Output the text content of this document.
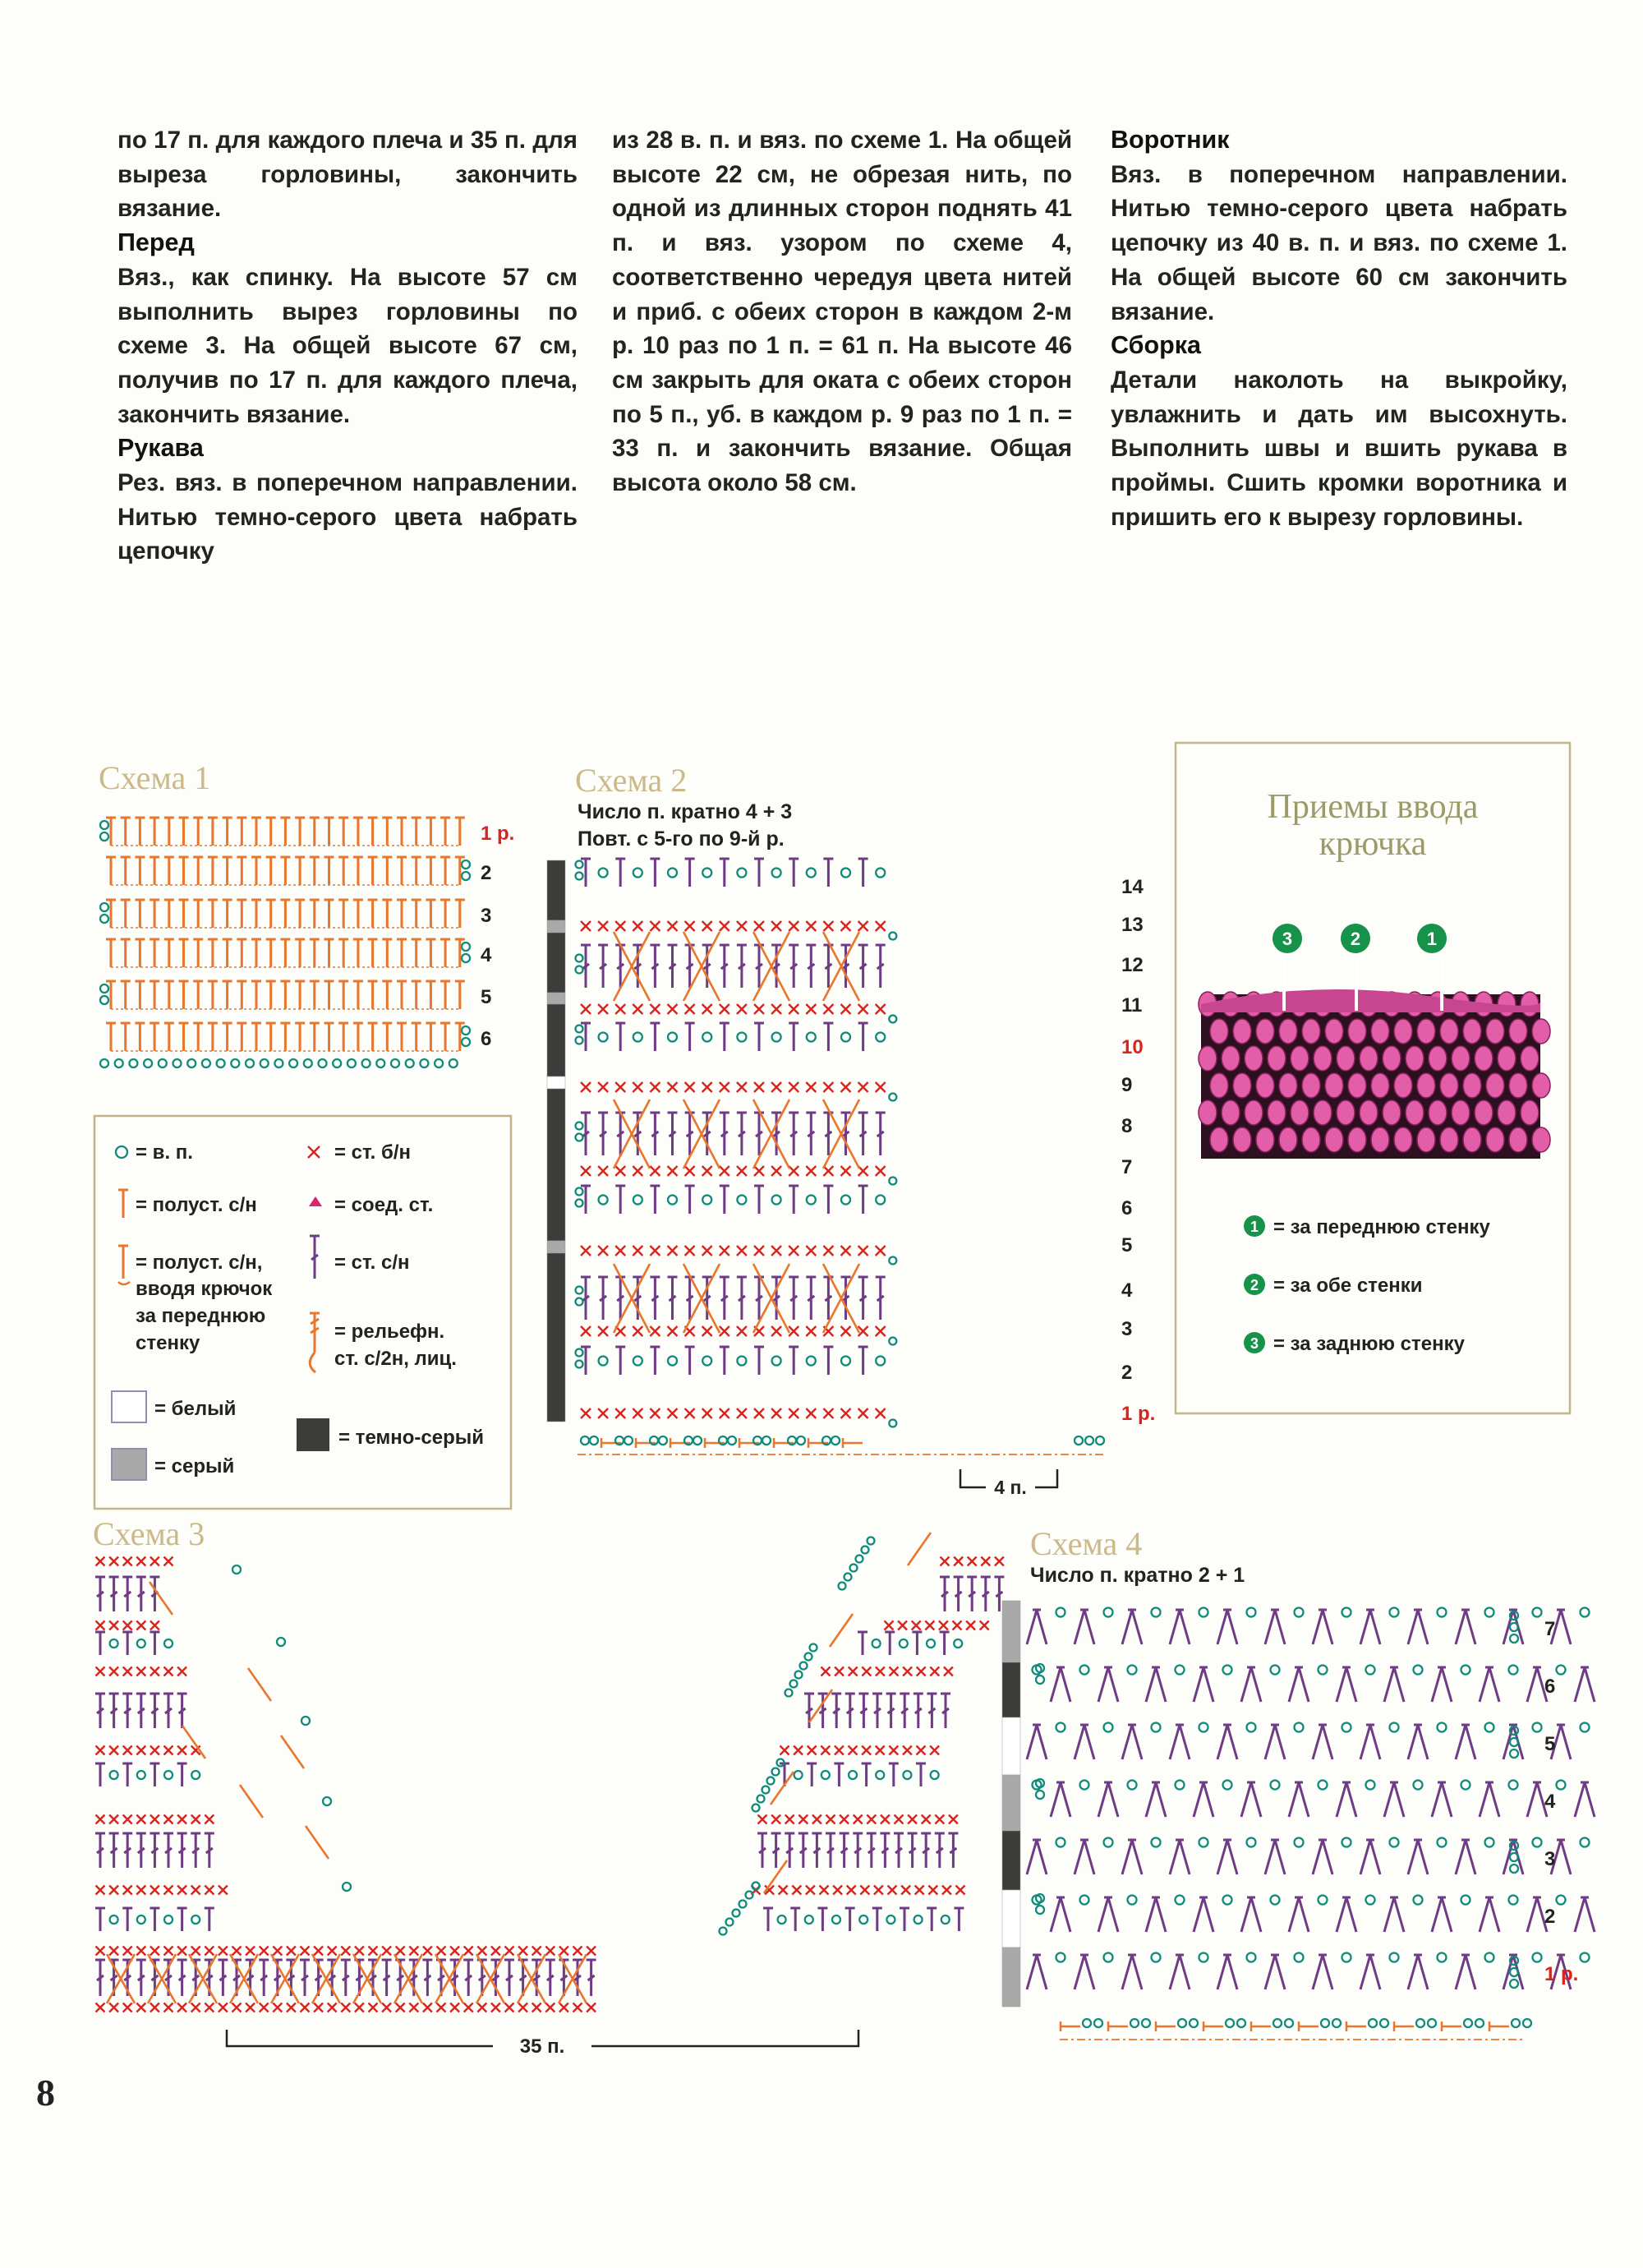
по 17 п. для каждого плеча и 35 п. для выреза горловины, закончить вязание.

Перед

Вяз., как спинку. На высоте 57 см выполнить вырез горловины по схеме 3. На общей высоте 67 см, получив по 17 п. для каждого плеча, закончить вязание.

Рукава

Рез. вяз. в поперечном направлении. Нитью темно-серого цвета набрать цепочку

из 28 в. п. и вяз. по схеме 1. На общей высоте 22 см, не обрезая нить, по одной из длинных сторон поднять 41 п. и вяз. узором по схеме 4, соответственно чередуя цвета нитей и приб. с обеих сторон в каждом 2-м р. 10 раз по 1 п. = 61 п. На высоте 46 см закрыть для оката с обеих сторон по 5 п., уб. в каждом р. 9 раз по 1 п. = 33 п. и закончить вязание. Общая высота около 58 см.

Воротник

Вяз. в поперечном направлении. Нитью темно-серого цвета набрать цепочку из 40 в. п. и вяз. по схеме 1. На общей высоте 60 см закончить вязание.

Сборка

Детали наколоть на выкройку, увлажнить и дать им высохнуть. Выполнить швы и вшить рукава в проймы. Сшить кромки воротника и пришить его к вырезу горловины.

Схема 1
6
5
4
3
2
1 р.
= в. п.	= ст. б/н
= полуст. с/н	= соед. ст.
= полуст. с/н,
вводя крючок
за переднюю
стенку
= ст. с/н
= рельефн.
ст. с/2н, лиц.
= белый
= темно-серый
= серый
Схема 2
Число п. кратно 4 + 3
Повт. с 5-го по 9-й р.
4 п.
14
13
12
11
10
9
8
7
6
5
4
3
2
1 р.
Приемы ввода
крючка
3	2	1
1 = за переднюю стенку
2 = за обе стенки
3 = за заднюю стенку
Схема 3
35 п.
Схема 4
Число п. кратно 2 + 1
7
6
5
4
3
2
1 р.
8
